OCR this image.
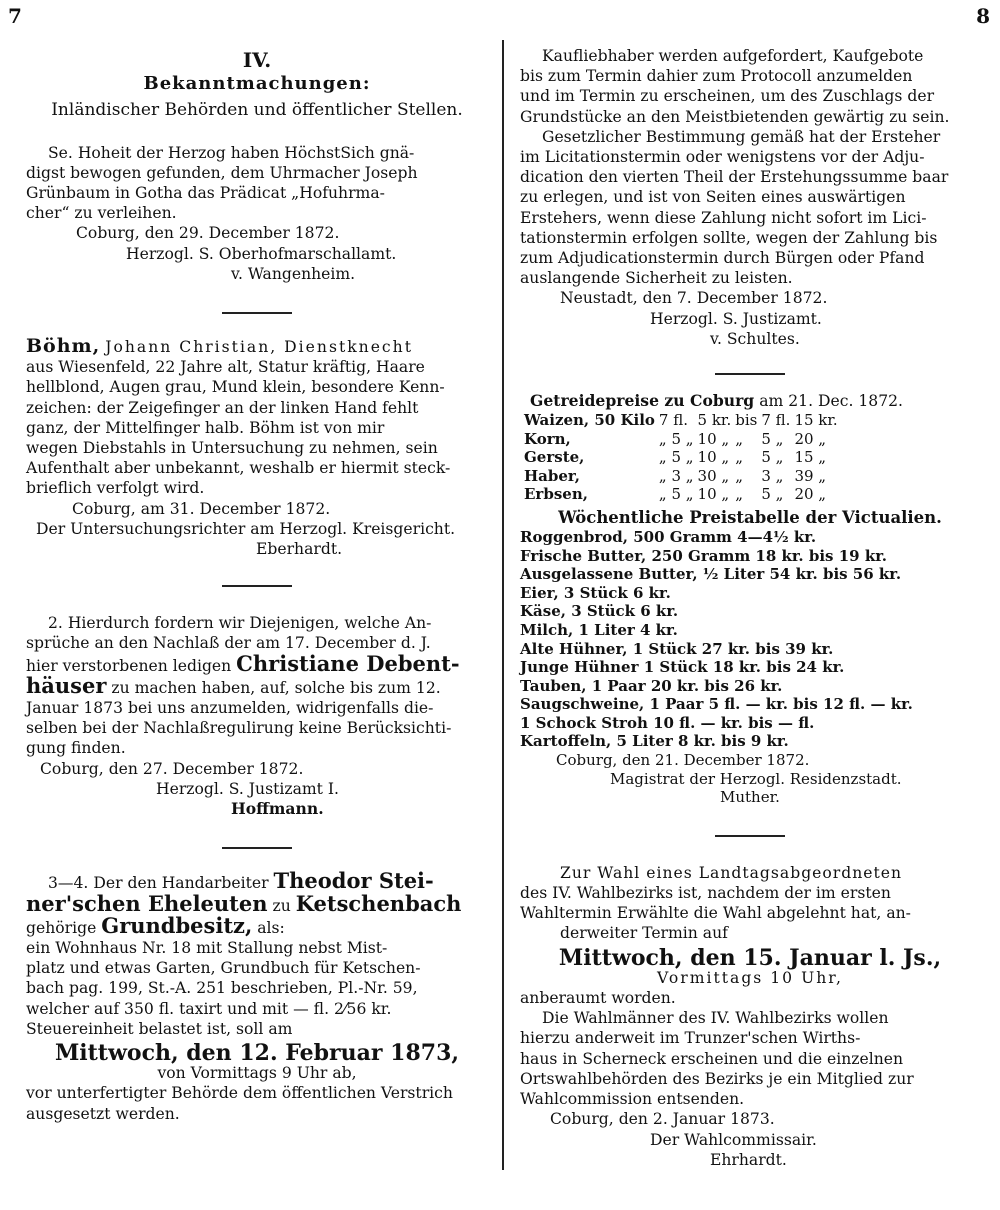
7	8

IV.

Bekanntmachungen:

Inländischer Behörden und öffentlicher Stellen.

Se. Hoheit der Herzog haben HöchstSich gnä-

digst bewogen gefunden, dem Uhrmacher Joseph

Grünbaum in Gotha das Prädicat „Hofuhrma-

cher“ zu verleihen.

Coburg, den 29. December 1872.

Herzogl. S. Oberhofmarschallamt.

v. Wangenheim.

Böhm, Johann Christian, Dienstknecht

aus Wiesenfeld, 22 Jahre alt, Statur kräftig, Haare

hellblond, Augen grau, Mund klein, besondere Kenn-

zeichen: der Zeigefinger an der linken Hand fehlt

ganz, der Mittelfinger halb. Böhm ist von mir

wegen Diebstahls in Untersuchung zu nehmen, sein

Aufenthalt aber unbekannt, weshalb er hiermit steck-

brieflich verfolgt wird.

Coburg, am 31. December 1872.

Der Untersuchungsrichter am Herzogl. Kreisgericht.

Eberhardt.

2. Hierdurch fordern wir Diejenigen, welche An-

sprüche an den Nachlaß der am 17. December d. J.

hier verstorbenen ledigen Christiane Debent-

häuser zu machen haben, auf, solche bis zum 12.

Januar 1873 bei uns anzumelden, widrigenfalls die-

selben bei der Nachlaßregulirung keine Berücksichti-

gung finden.

Coburg, den 27. December 1872.

Herzogl. S. Justizamt I.

Hoffmann.

3—4. Der den Handarbeiter Theodor Stei-

ner'schen Eheleuten zu Ketschenbach

gehörige Grundbesitz, als:

ein Wohnhaus Nr. 18 mit Stallung nebst Mist-

platz und etwas Garten, Grundbuch für Ketschen-

bach pag. 199, St.-A. 251 beschrieben, Pl.-Nr. 59,

welcher auf 350 fl. taxirt und mit — fl. 2⁄56 kr.

Steuereinheit belastet ist, soll am

Mittwoch, den 12. Februar 1873,

von Vormittags 9 Uhr ab,

vor unterfertigter Behörde dem öffentlichen Verstrich

ausgesetzt werden.

Kaufliebhaber werden aufgefordert, Kaufgebote

bis zum Termin dahier zum Protocoll anzumelden

und im Termin zu erscheinen, um des Zuschlags der

Grundstücke an den Meistbietenden gewärtig zu sein.

Gesetzlicher Bestimmung gemäß hat der Ersteher

im Licitationstermin oder wenigstens vor der Adju-

dication den vierten Theil der Erstehungssumme baar

zu erlegen, und ist von Seiten eines auswärtigen

Erstehers, wenn diese Zahlung nicht sofort im Lici-

tationstermin erfolgen sollte, wegen der Zahlung bis

zum Adjudicationstermin durch Bürgen oder Pfand

auslangende Sicherheit zu leisten.

Neustadt, den 7. December 1872.

Herzogl. S. Justizamt.

v. Schultes.

Getreidepreise zu Coburg am 21. Dec. 1872.

Waizen, 50 Kilo	7 fl.	5 kr.	bis	7 fl.	15 kr.
Korn,	„ 5 „	10 „	„	5 „	20 „
Gerste,	„ 5 „	10 „	„	5 „	15 „
Haber,	„ 3 „	30 „	„	3 „	39 „
Erbsen,	„ 5 „	10 „	„	5 „	20 „

Wöchentliche Preistabelle der Victualien.

Roggenbrod, 500 Gramm 4—4½ kr.

Frische Butter, 250 Gramm 18 kr. bis 19 kr.

Ausgelassene Butter, ½ Liter 54 kr. bis 56 kr.

Eier, 3 Stück 6 kr.

Käse, 3 Stück 6 kr.

Milch, 1 Liter 4 kr.

Alte Hühner, 1 Stück 27 kr. bis 39 kr.

Junge Hühner 1 Stück 18 kr. bis 24 kr.

Tauben, 1 Paar 20 kr. bis 26 kr.

Saugschweine, 1 Paar 5 fl. — kr. bis 12 fl. — kr.

1 Schock Stroh 10 fl. — kr. bis — fl.

Kartoffeln, 5 Liter 8 kr. bis 9 kr.

Coburg, den 21. December 1872.

Magistrat der Herzogl. Residenzstadt.

Muther.

Zur Wahl eines Landtagsabgeordneten

des IV. Wahlbezirks ist, nachdem der im ersten

Wahltermin Erwählte die Wahl abgelehnt hat, an-

derweiter Termin auf

Mittwoch, den 15. Januar l. Js.,

Vormittags 10 Uhr,

anberaumt worden.

Die Wahlmänner des IV. Wahlbezirks wollen

hierzu anderweit im Trunzer'schen Wirths-

haus in Scherneck erscheinen und die einzelnen

Ortswahlbehörden des Bezirks je ein Mitglied zur

Wahlcommission entsenden.

Coburg, den 2. Januar 1873.

Der Wahlcommissair.

Ehrhardt.
